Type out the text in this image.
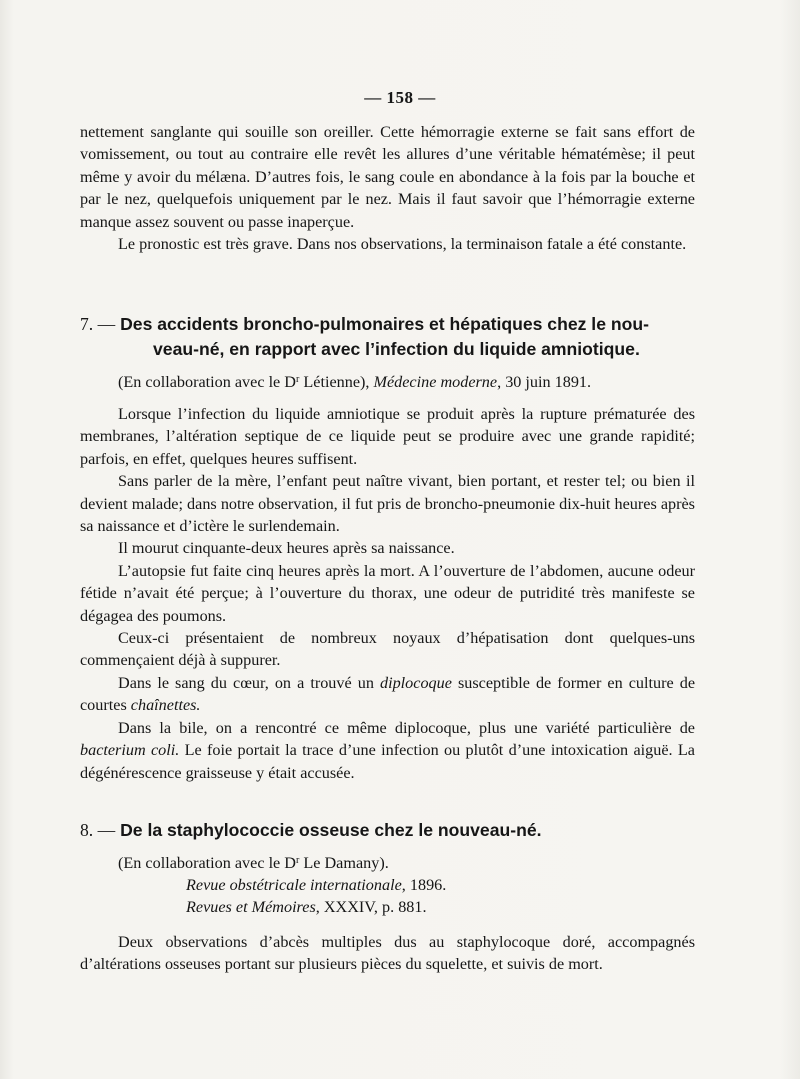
— 158 —

nettement sanglante qui souille son oreiller. Cette hémorragie externe se fait sans effort de vomissement, ou tout au contraire elle revêt les allures d’une véritable hématémèse; il peut même y avoir du mélæna. D’autres fois, le sang coule en abondance à la fois par la bouche et par le nez, quelquefois uniquement par le nez. Mais il faut savoir que l’hémorragie externe manque assez souvent ou passe inaperçue.

Le pronostic est très grave. Dans nos observations, la terminaison fatale a été constante.

7. — Des accidents broncho-pulmonaires et hépatiques chez le nou-
veau-né, en rapport avec l’infection du liquide amniotique.
(En collaboration avec le $D^r$ Létienne), Médecine moderne, 30 juin 1891.

Lorsque l’infection du liquide amniotique se produit après la rupture prématurée des membranes, l’altération septique de ce liquide peut se produire avec une grande rapidité; parfois, en effet, quelques heures suffisent.

Sans parler de la mère, l’enfant peut naître vivant, bien portant, et rester tel; ou bien il devient malade; dans notre observation, il fut pris de broncho-pneumonie dix-huit heures après sa naissance et d’ictère le surlendemain.

Il mourut cinquante-deux heures après sa naissance.

L’autopsie fut faite cinq heures après la mort. A l’ouverture de l’abdomen, aucune odeur fétide n’avait été perçue; à l’ouverture du thorax, une odeur de putridité très manifeste se dégagea des poumons.

Ceux-ci présentaient de nombreux noyaux d’hépatisation dont quelques-uns commençaient déjà à suppurer.

Dans le sang du cœur, on a trouvé un diplocoque susceptible de former en culture de courtes chaînettes.

Dans la bile, on a rencontré ce même diplocoque, plus une variété particulière de bacterium coli. Le foie portait la trace d’une infection ou plutôt d’une intoxication aiguë. La dégénérescence graisseuse y était accusée.

8. — De la staphylococcie osseuse chez le nouveau-né.
(En collaboration avec le $D^r$ Le Damany).
Revue obstétricale internationale, 1896.
Revues et Mémoires, XXXIV, p. 881.

Deux observations d’abcès multiples dus au staphylocoque doré, accompagnés d’altérations osseuses portant sur plusieurs pièces du squelette, et suivis de mort.
